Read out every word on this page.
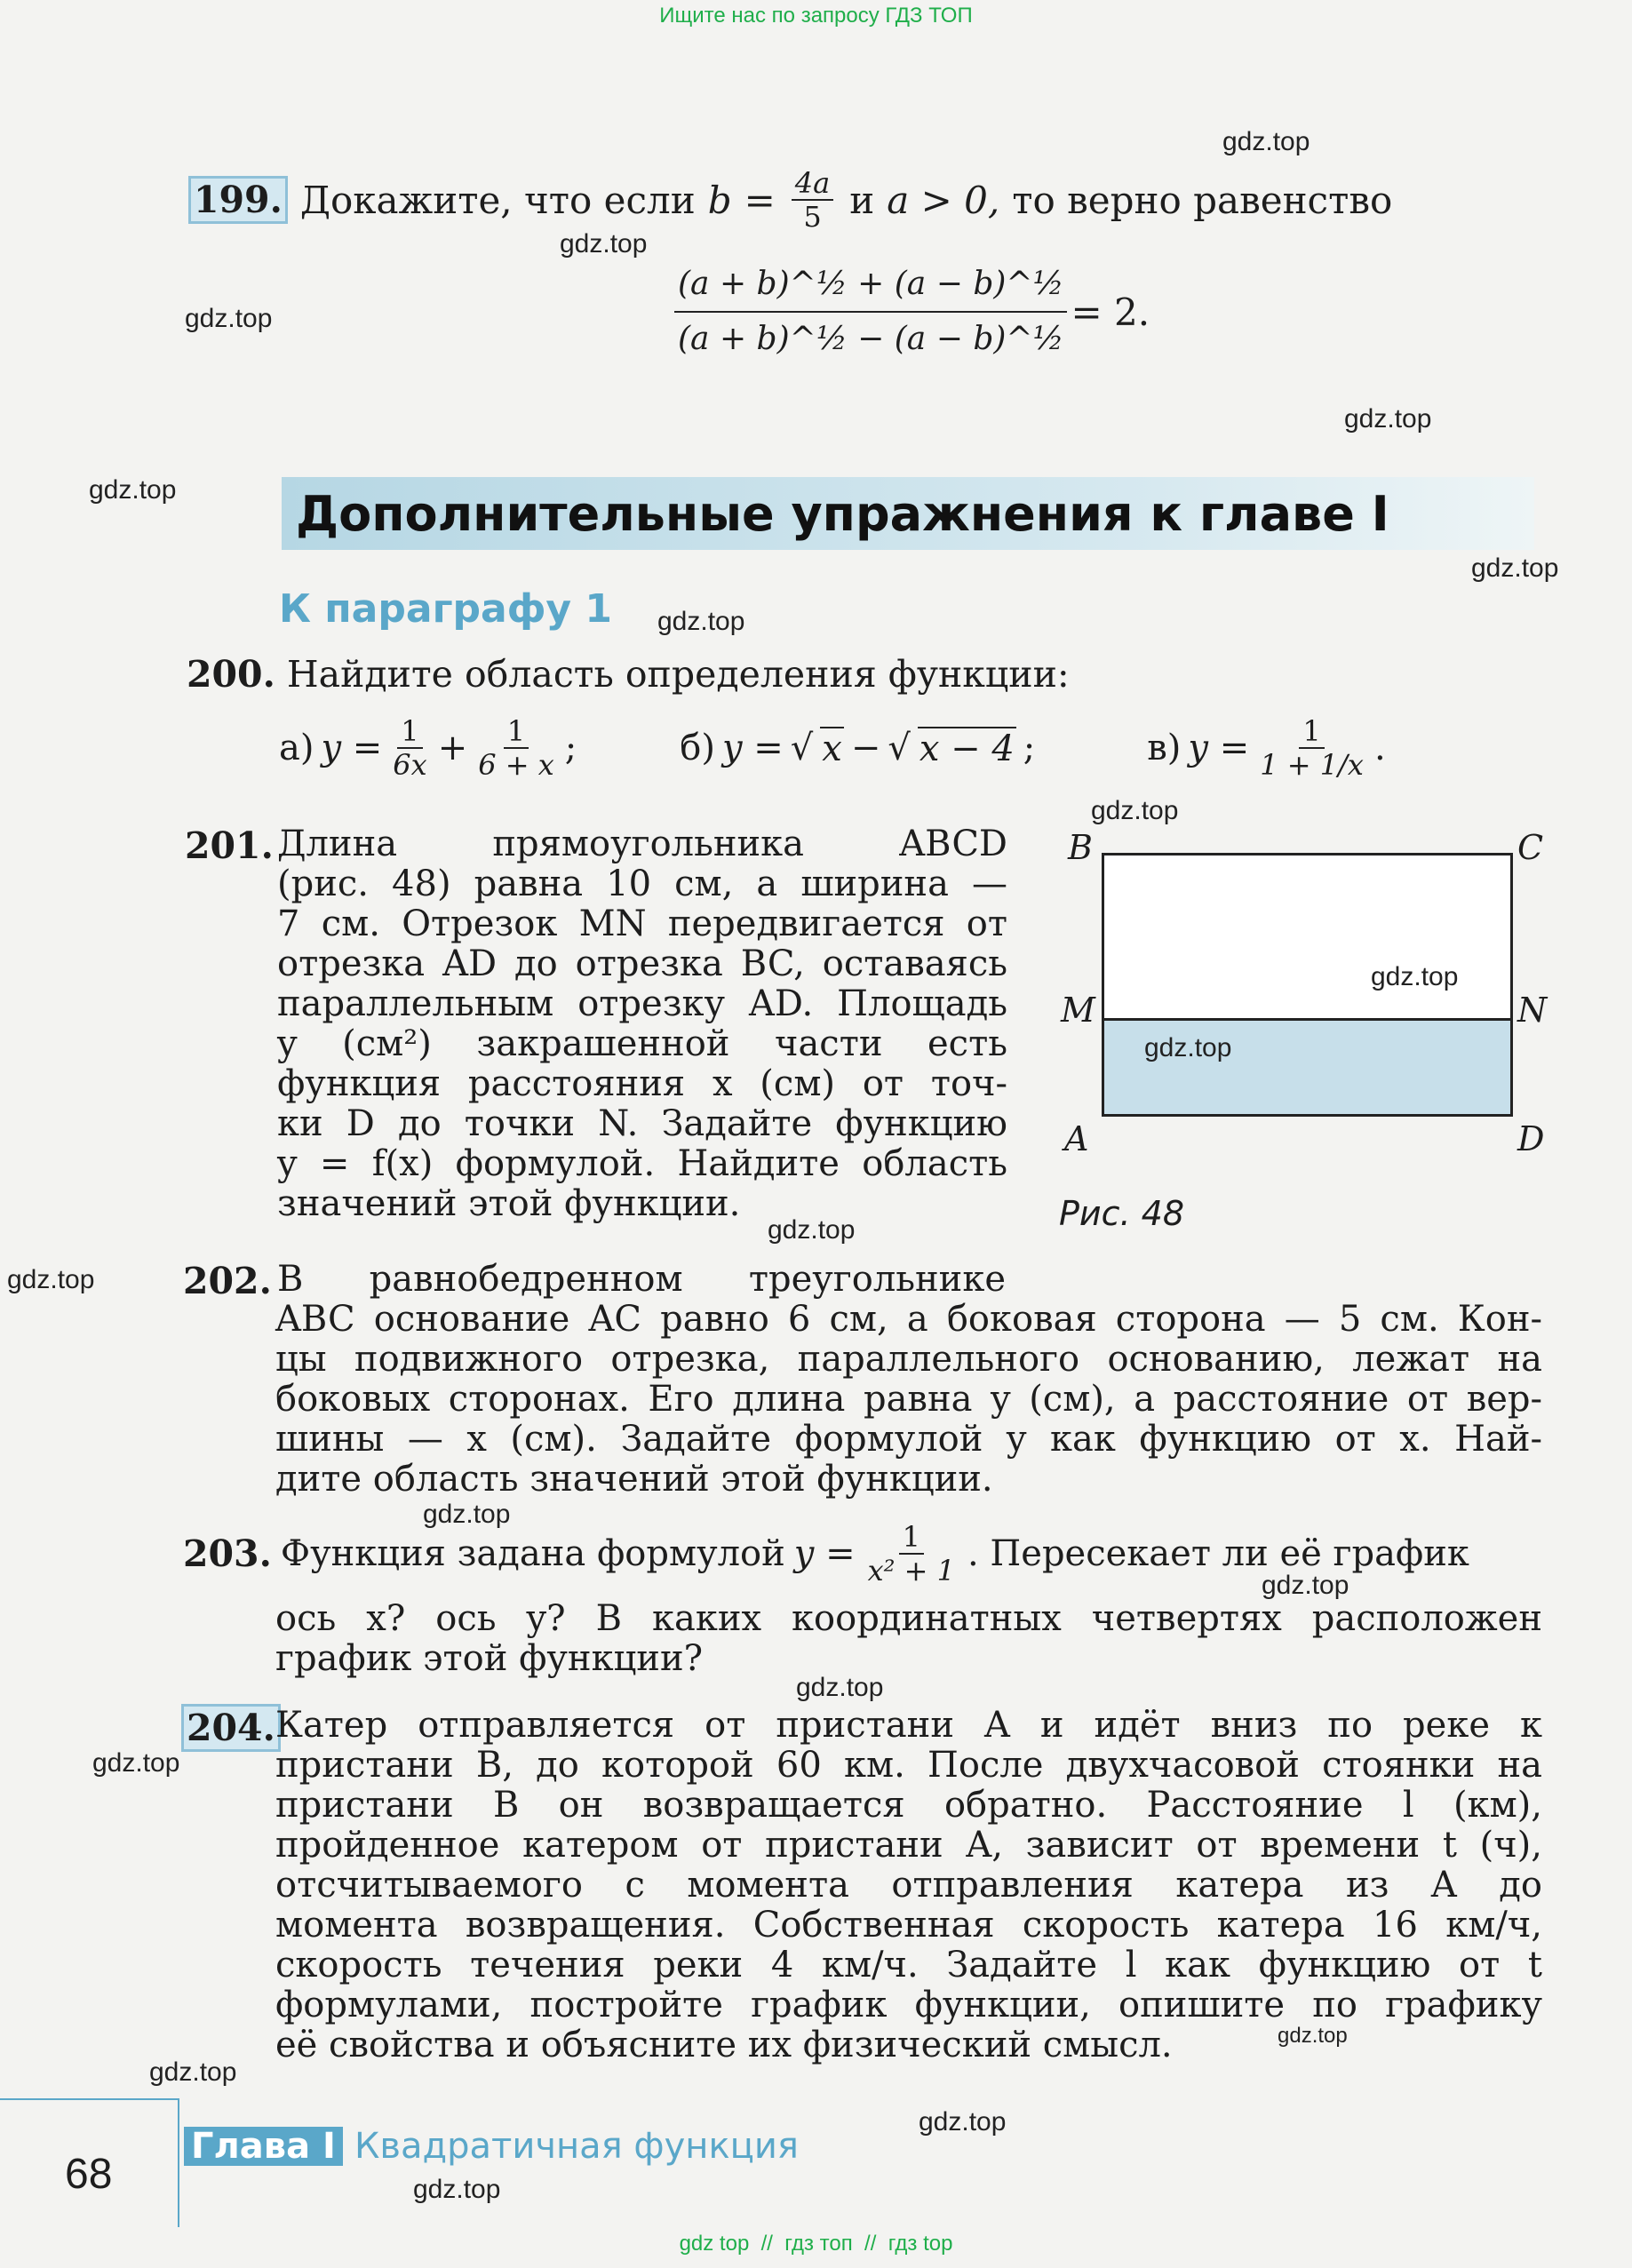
Ищите нас по запросу ГДЗ ТОП
gdz.top
gdz.top
gdz.top
gdz.top
gdz.top
gdz.top
gdz.top
gdz.top
gdz.top
gdz.top
gdz.top
gdz.top
gdz.top
gdz.top
gdz.top
gdz.top
gdz.top
gdz.top
gdz.top
gdz.top
199. Докажите, что если $b = \frac{4a}{5}$ и a > 0, то верно равенство
$\frac{\text{(a + b)\textasciicircum{}½ + (a − b)\textasciicircum{}½}}{\text{(a + b)\textasciicircum{}½ − (a − b)\textasciicircum{}½}} = 2$.
Дополнительные упражнения к главе I
К параграфу 1
200. Найдите область определения функции:
а) $y = \frac{1}{6x} + \frac{1}{6 + x}$ ;	б) y = √ x − √ x − 4 ;	в) $y = \frac{1}{1 + 1/x}$ .
201. Длина прямоугольника ABCD
(рис. 48) равна 10 см, а ширина —
7 см. Отрезок MN передвигается от
отрезка AD до отрезка BC, оставаясь
параллельным отрезку AD. Площадь
y (см²) закрашенной части есть
функция расстояния x (см) от точ-
ки D до точки N. Задайте функцию
y = f(x) формулой. Найдите область
значений этой функции.
B	C
M	N
A	D
Рис. 48
202. В равнобедренном треугольнике
ABC основание AC равно 6 см, а боковая сторона — 5 см. Кон-
цы подвижного отрезка, параллельного основанию, лежат на
боковых сторонах. Его длина равна y (см), а расстояние от вер-
шины — x (см). Задайте формулой y как функцию от x. Най-
дите область значений этой функции.
203. Функция задана формулой $y = \frac{1}{\text{x² + 1}}$ . Пересекает ли её график
ось x? ось y? В каких координатных четвертях расположен
график этой функции?
204. Катер отправляется от пристани A и идёт вниз по реке к
пристани B, до которой 60 км. После двухчасовой стоянки на
пристани B он возвращается обратно. Расстояние l (км),
пройденное катером от пристани A, зависит от времени t (ч),
отсчитываемого с момента отправления катера из A до
момента возвращения. Собственная скорость катера 16 км/ч,
скорость течения реки 4 км/ч. Задайте l как функцию от t
формулами, постройте график функции, опишите по графику
её свойства и объясните их физический смысл.
68
Глава I Квадратичная функция
gdz top  //  гдз топ  //  гдз top
